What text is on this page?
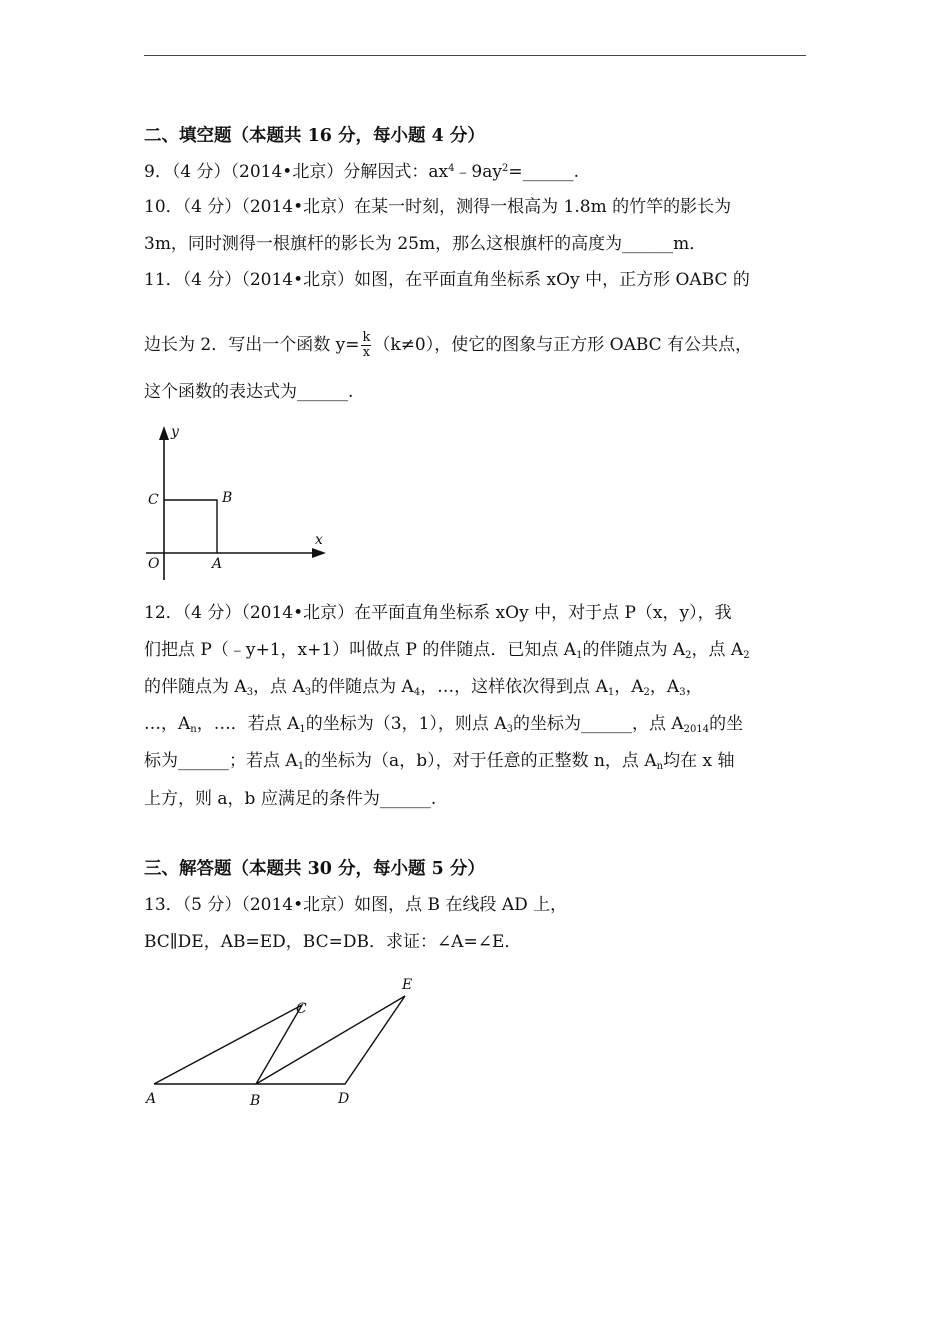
二、填空题（本题共 16 分，每小题 4 分）
9．（4 分）（2014•北京）分解因式：$ax^4﹣9ay^2=\_\_\_\_\_\_$.
10．（4 分）（2014•北京）在某一时刻，测得一根高为 1.8m 的竹竿的影长为
3m，同时测得一根旗杆的影长为 25m，那么这根旗杆的高度为______m．
11．（4 分）（2014•北京）如图，在平面直角坐标系 xOy 中，正方形 OABC 的
边长为 2．写出一个函数 $y= \frac{k}{x} (k\ne 0)$，使它的图象与正方形 OABC 有公共点，
这个函数的表达式为______.
y
x
C	B
O	A
12．（4 分）（2014•北京）在平面直角坐标系 xOy 中，对于点 P（x，y），我
们把点 P（﹣y+1，x+1）叫做点 P 的伴随点．已知点 $A_1$的伴随点为 $A_2$，点 $A_2$
的伴随点为 $A_3$，点 $A_3$的伴随点为 $A_4$，…，这样依次得到点 $A_1$，$A_2$，$A_3$，
…，$A_n$，…．若点 $A_1$的坐标为（3，1），则点 $A_3$的坐标为______，点 $A_{2014}$的坐
标为______；若点 $A_1$的坐标为（a，b），对于任意的正整数 n，点 $A_n$均在 x 轴
上方，则 a，b 应满足的条件为______.
三、解答题（本题共 30 分，每小题 5 分）
13．（5 分）（2014•北京）如图，点 B 在线段 AD 上，
BC∥DE，AB=ED，BC=DB．求证：∠A=∠E．
A	B
C
D
E
